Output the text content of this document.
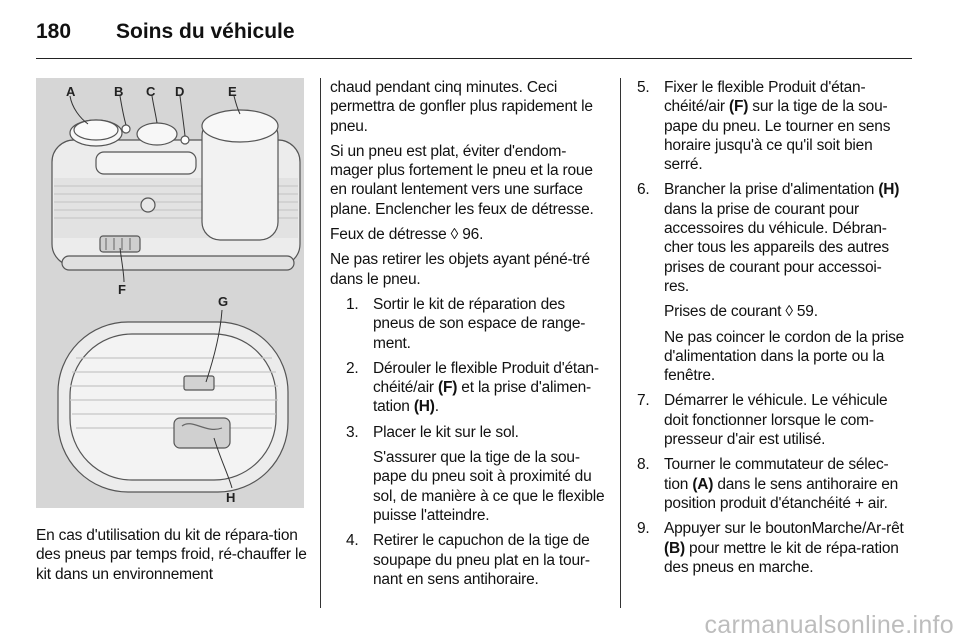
180 Soins du véhicule
A	B C D	E
F
G
H

En cas d'utilisation du kit de répara-tion des pneus par temps froid, ré-chauffer le kit dans un environnement

chaud pendant cinq minutes. Ceci permettra de gonfler plus rapidement le pneu.

Si un pneu est plat, éviter d'endom-mager plus fortement le pneu et la roue en roulant lentement vers une surface plane. Enclencher les feux de détresse.

Feux de détresse ◊ 96.

Ne pas retirer les objets ayant péné-tré dans le pneu.

1. Sortir le kit de réparation des pneus de son espace de range-ment.

2. Dérouler le flexible Produit d'étan-chéité/air (F) et la prise d'alimen-tation (H).

3. Placer le kit sur le sol.

S'assurer que la tige de la sou-pape du pneu soit à proximité du sol, de manière à ce que le flexible puisse l'atteindre.

4. Retirer le capuchon de la tige de soupape du pneu plat en la tour-nant en sens antihoraire.

5. Fixer le flexible Produit d'étan-chéité/air (F) sur la tige de la sou-pape du pneu. Le tourner en sens horaire jusqu'à ce qu'il soit bien serré.

6. Brancher la prise d'alimentation (H) dans la prise de courant pour accessoires du véhicule. Débran-cher tous les appareils des autres prises de courant pour accessoi-res.

Prises de courant ◊ 59.

Ne pas coincer le cordon de la prise d'alimentation dans la porte ou la fenêtre.

7. Démarrer le véhicule. Le véhicule doit fonctionner lorsque le com-presseur d'air est utilisé.

8. Tourner le commutateur de sélec-tion (A) dans le sens antihoraire en position produit d'étanchéité + air.

9. Appuyer sur le boutonMarche/Ar-rêt (B) pour mettre le kit de répa-ration des pneus en marche.

carmanualsonline.info
